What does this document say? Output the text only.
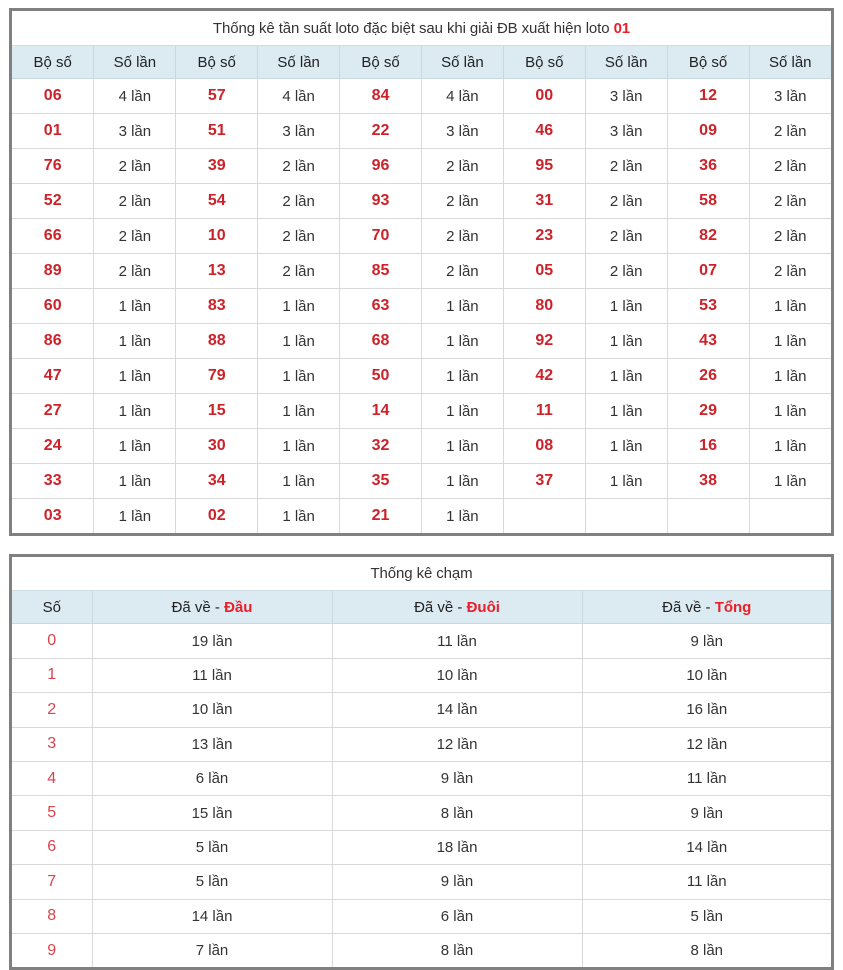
Thống kê tần suất loto đặc biệt sau khi giải ĐB xuất hiện loto 01									
Bộ số	Số lần	Bộ số	Số lần	Bộ số	Số lần	Bộ số	Số lần	Bộ số	Số lần
06	4 lần	57	4 lần	84	4 lần	00	3 lần	12	3 lần
01	3 lần	51	3 lần	22	3 lần	46	3 lần	09	2 lần
76	2 lần	39	2 lần	96	2 lần	95	2 lần	36	2 lần
52	2 lần	54	2 lần	93	2 lần	31	2 lần	58	2 lần
66	2 lần	10	2 lần	70	2 lần	23	2 lần	82	2 lần
89	2 lần	13	2 lần	85	2 lần	05	2 lần	07	2 lần
60	1 lần	83	1 lần	63	1 lần	80	1 lần	53	1 lần
86	1 lần	88	1 lần	68	1 lần	92	1 lần	43	1 lần
47	1 lần	79	1 lần	50	1 lần	42	1 lần	26	1 lần
27	1 lần	15	1 lần	14	1 lần	11	1 lần	29	1 lần
24	1 lần	30	1 lần	32	1 lần	08	1 lần	16	1 lần
33	1 lần	34	1 lần	35	1 lần	37	1 lần	38	1 lần
03	1 lần	02	1 lần	21	1 lần				
Thống kê chạm			
Số	Đã về - Đầu	Đã về - Đuôi	Đã về - Tổng
0	19 lần	11 lần	9 lần
1	11 lần	10 lần	10 lần
2	10 lần	14 lần	16 lần
3	13 lần	12 lần	12 lần
4	6 lần	9 lần	11 lần
5	15 lần	8 lần	9 lần
6	5 lần	18 lần	14 lần
7	5 lần	9 lần	11 lần
8	14 lần	6 lần	5 lần
9	7 lần	8 lần	8 lần
